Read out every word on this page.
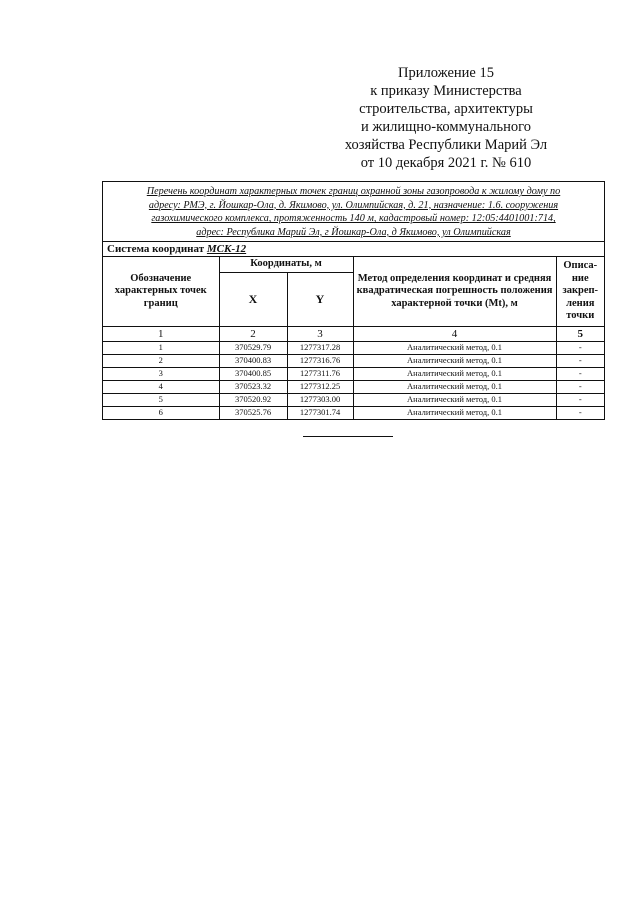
Приложение 15
к приказу Министерства
строительства, архитектуры
и жилищно-коммунального
хозяйства Республики Марий Эл
от 10 декабря 2021 г. № 610
Перечень координат характерных точек границ охранной зоны газопровода к жилому дому по
адресу: РМЭ, г. Йошкар-Ола, д. Якимово, ул. Олимпийская, д. 21, назначение: 1.6. сооружения
газохимического комплекса, протяженность 140 м, кадастровый номер: 12:05:4401001:714,
адрес: Республика Марий Эл, г Йошкар-Ола, д Якимово, ул Олимпийская
Система координат МСК-12
Обозначение характерных точек границ	Координаты, м		Метод определения координат и средняя квадратическая погрешность положения характерной точки (Mt), м	Описа-ние закреп-ления точки
	X	Y		
1	2	3	4	5
1	370529.79	1277317.28	Аналитический метод, 0.1	-
2	370400.83	1277316.76	Аналитический метод, 0.1	-
3	370400.85	1277311.76	Аналитический метод, 0.1	-
4	370523.32	1277312.25	Аналитический метод, 0.1	-
5	370520.92	1277303.00	Аналитический метод, 0.1	-
6	370525.76	1277301.74	Аналитический метод, 0.1	-
